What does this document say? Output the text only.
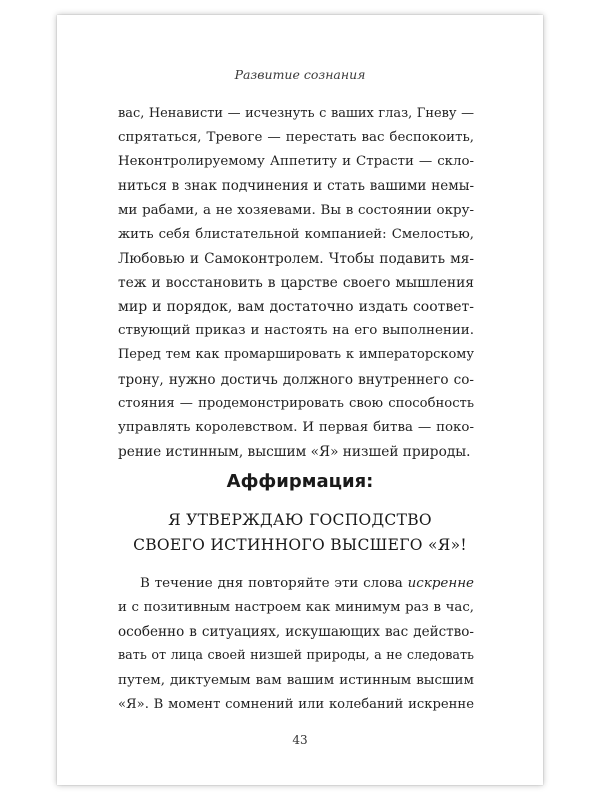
Развитие сознания
вас, Ненависти — исчезнуть с ваших глаз, Гневу —
спрятаться, Тревоге — перестать вас беспокоить,
Неконтролируемому Аппетиту и Страсти — скло-
ниться в знак подчинения и стать вашими немы-
ми рабами, а не хозяевами. Вы в состоянии окру-
жить себя блистательной компанией: Смелостью,
Любовью и Самоконтролем. Чтобы подавить мя-
теж и восстановить в царстве своего мышления
мир и порядок, вам достаточно издать соответ-
ствующий приказ и настоять на его выполнении.
Перед тем как промаршировать к императорскому
трону, нужно достичь должного внутреннего со-
стояния — продемонстрировать свою способность
управлять королевством. И первая битва — поко-
рение истинным, высшим «Я» низшей природы.
Аффирмация:
Я УТВЕРЖДАЮ ГОСПОДСТВО
СВОЕГО ИСТИННОГО ВЫСШЕГО «Я»!
В течение дня повторяйте эти слова искренне
и с позитивным настроем как минимум раз в час,
особенно в ситуациях, искушающих вас действо-
вать от лица своей низшей природы, а не следовать
путем, диктуемым вам вашим истинным высшим
«Я». В момент сомнений или колебаний искренне
43
